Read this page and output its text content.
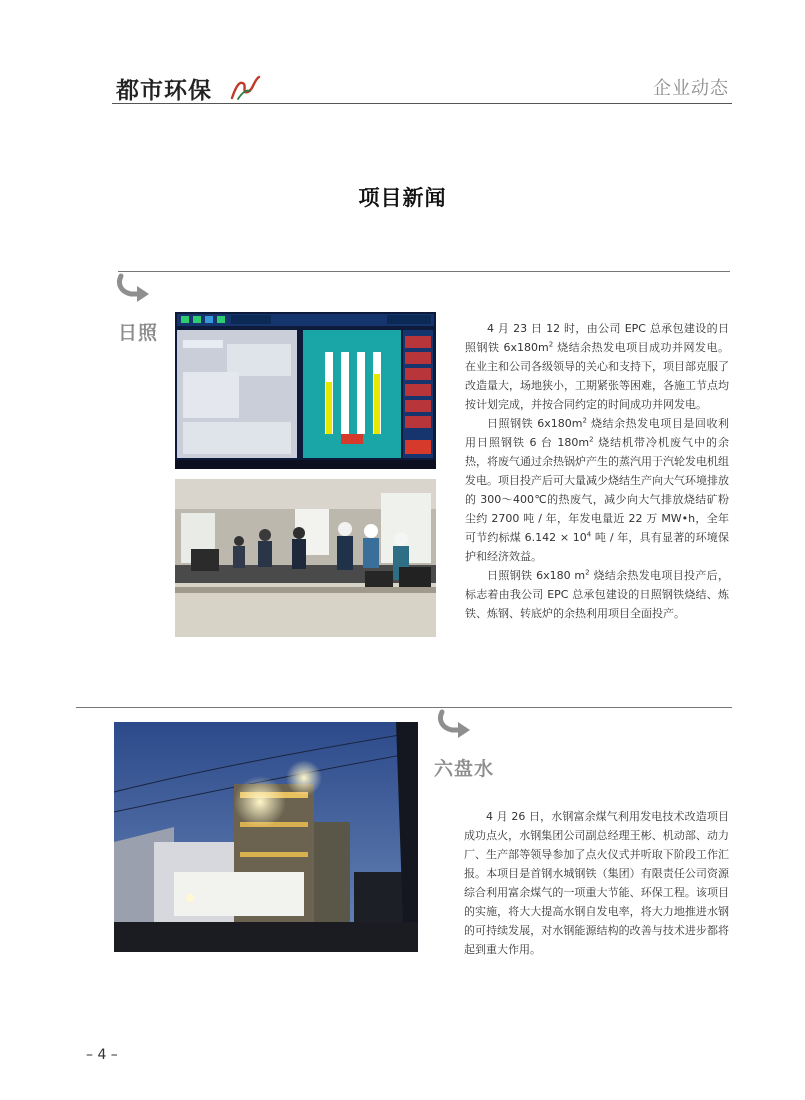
都市环保	企业动态
项目新闻
日照	4 月 23 日 12 时，由公司 EPC 总承包建设的日照钢铁 $6x180m^2$ 烧结余热发电项目成功并网发电。在业主和公司各级领导的关心和支持下，项目部克服了改造量大，场地狭小，工期紧张等困难，各施工节点均按计划完成，并按合同约定的时间成功并网发电。

日照钢铁 $6x180m^2$ 烧结余热发电项目是回收利用日照钢铁 6 台 $180m^2$ 烧结机带冷机废气中的余热，将废气通过余热锅炉产生的蒸汽用于汽轮发电机组发电。项目投产后可大量减少烧结生产向大气环境排放的 300～400℃的热废气，减少向大气排放烧结矿粉尘约 2700 吨 / 年，年发电量近 22 万 MW•h，全年可节约标煤 $6.142 \times 10^4$ 吨 / 年，具有显著的环境保护和经济效益。

日照钢铁 6x180 $m^2$ 烧结余热发电项目投产后，标志着由我公司 EPC 总承包建设的日照钢铁烧结、炼铁、炼钢、转底炉的余热利用项目全面投产。

六盘水

4 月 26 日，水钢富余煤气利用发电技术改造项目成功点火，水钢集团公司副总经理王彬、机动部、动力厂、生产部等领导参加了点火仪式并听取下阶段工作汇报。本项目是首钢水城钢铁（集团）有限责任公司资源综合利用富余煤气的一项重大节能、环保工程。该项目的实施，将大大提高水钢自发电率，将大力地推进水钢的可持续发展，对水钢能源结构的改善与技术进步都将起到重大作用。

– 4 –
